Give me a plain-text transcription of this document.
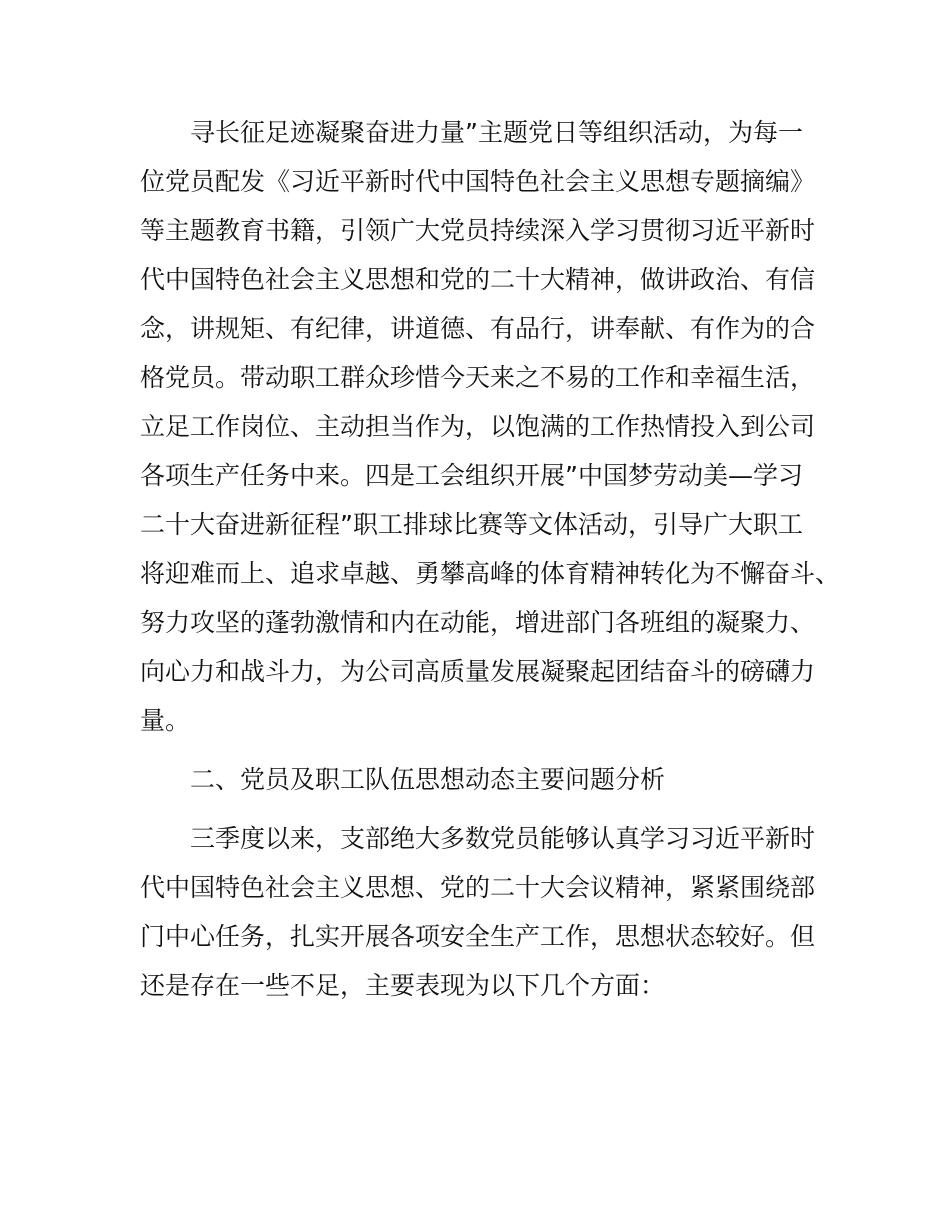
寻长征足迹凝聚奋进力量”主题党日等组织活动，为每一
位党员配发《习近平新时代中国特色社会主义思想专题摘编》
等主题教育书籍，引领广大党员持续深入学习贯彻习近平新时
代中国特色社会主义思想和党的二十大精神，做讲政治、有信
念，讲规矩、有纪律，讲道德、有品行，讲奉献、有作为的合
格党员。带动职工群众珍惜今天来之不易的工作和幸福生活，
立足工作岗位、主动担当作为，以饱满的工作热情投入到公司
各项生产任务中来。四是工会组织开展”中国梦劳动美—学习
二十大奋进新征程”职工排球比赛等文体活动，引导广大职工
将迎难而上、追求卓越、勇攀高峰的体育精神转化为不懈奋斗、
努力攻坚的蓬勃激情和内在动能，增进部门各班组的凝聚力、
向心力和战斗力，为公司高质量发展凝聚起团结奋斗的磅礴力
量。
二、党员及职工队伍思想动态主要问题分析
三季度以来，支部绝大多数党员能够认真学习习近平新时
代中国特色社会主义思想、党的二十大会议精神，紧紧围绕部
门中心任务，扎实开展各项安全生产工作，思想状态较好。但
还是存在一些不足，主要表现为以下几个方面：
